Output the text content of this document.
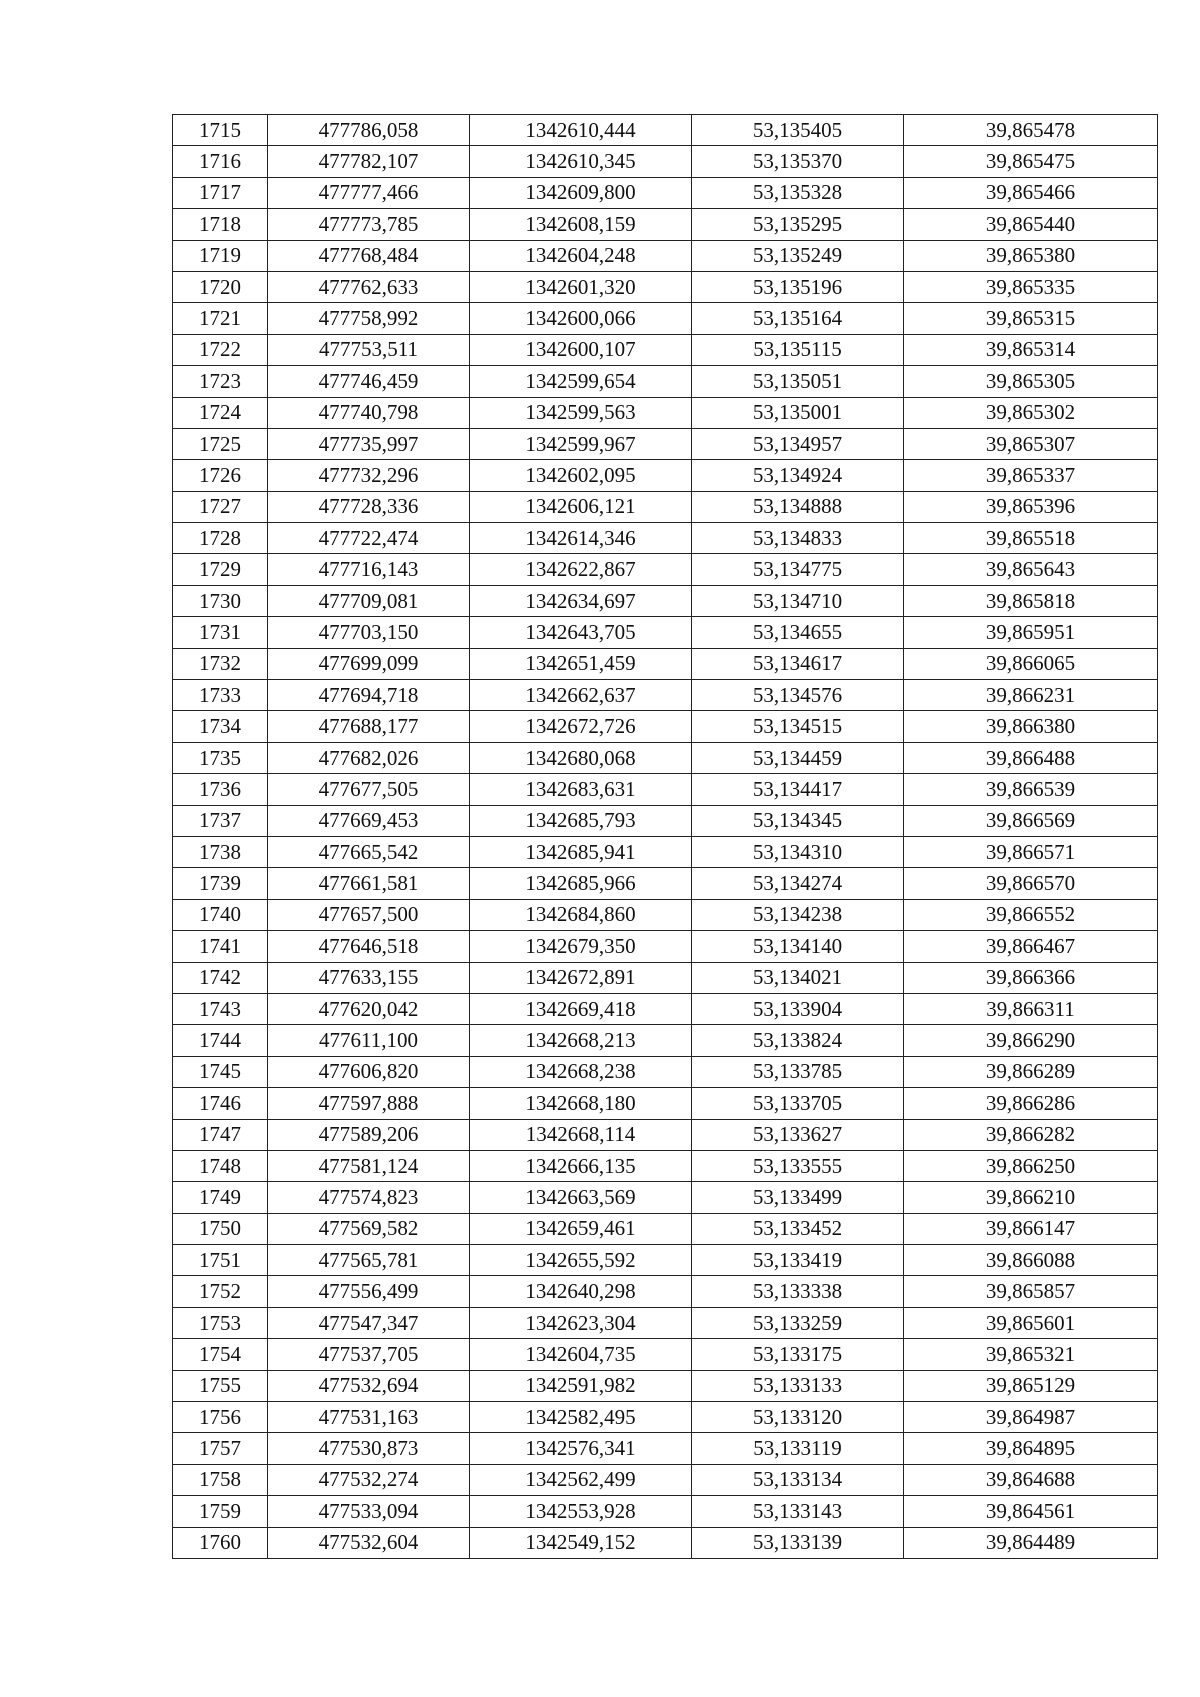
1715	477786,058	1342610,444	53,135405	39,865478
1716	477782,107	1342610,345	53,135370	39,865475
1717	477777,466	1342609,800	53,135328	39,865466
1718	477773,785	1342608,159	53,135295	39,865440
1719	477768,484	1342604,248	53,135249	39,865380
1720	477762,633	1342601,320	53,135196	39,865335
1721	477758,992	1342600,066	53,135164	39,865315
1722	477753,511	1342600,107	53,135115	39,865314
1723	477746,459	1342599,654	53,135051	39,865305
1724	477740,798	1342599,563	53,135001	39,865302
1725	477735,997	1342599,967	53,134957	39,865307
1726	477732,296	1342602,095	53,134924	39,865337
1727	477728,336	1342606,121	53,134888	39,865396
1728	477722,474	1342614,346	53,134833	39,865518
1729	477716,143	1342622,867	53,134775	39,865643
1730	477709,081	1342634,697	53,134710	39,865818
1731	477703,150	1342643,705	53,134655	39,865951
1732	477699,099	1342651,459	53,134617	39,866065
1733	477694,718	1342662,637	53,134576	39,866231
1734	477688,177	1342672,726	53,134515	39,866380
1735	477682,026	1342680,068	53,134459	39,866488
1736	477677,505	1342683,631	53,134417	39,866539
1737	477669,453	1342685,793	53,134345	39,866569
1738	477665,542	1342685,941	53,134310	39,866571
1739	477661,581	1342685,966	53,134274	39,866570
1740	477657,500	1342684,860	53,134238	39,866552
1741	477646,518	1342679,350	53,134140	39,866467
1742	477633,155	1342672,891	53,134021	39,866366
1743	477620,042	1342669,418	53,133904	39,866311
1744	477611,100	1342668,213	53,133824	39,866290
1745	477606,820	1342668,238	53,133785	39,866289
1746	477597,888	1342668,180	53,133705	39,866286
1747	477589,206	1342668,114	53,133627	39,866282
1748	477581,124	1342666,135	53,133555	39,866250
1749	477574,823	1342663,569	53,133499	39,866210
1750	477569,582	1342659,461	53,133452	39,866147
1751	477565,781	1342655,592	53,133419	39,866088
1752	477556,499	1342640,298	53,133338	39,865857
1753	477547,347	1342623,304	53,133259	39,865601
1754	477537,705	1342604,735	53,133175	39,865321
1755	477532,694	1342591,982	53,133133	39,865129
1756	477531,163	1342582,495	53,133120	39,864987
1757	477530,873	1342576,341	53,133119	39,864895
1758	477532,274	1342562,499	53,133134	39,864688
1759	477533,094	1342553,928	53,133143	39,864561
1760	477532,604	1342549,152	53,133139	39,864489
